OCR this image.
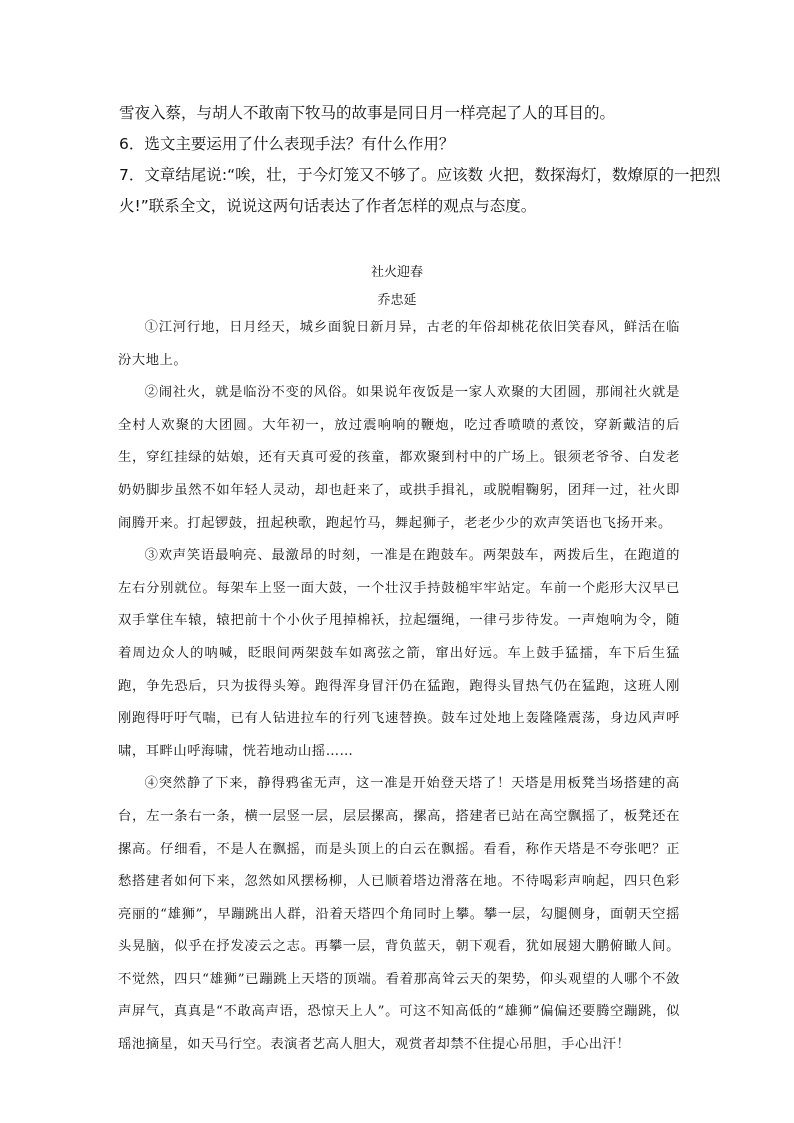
雪夜入蔡，与胡人不敢南下牧马的故事是同日月一样亮起了人的耳目的。
6．选文主要运用了什么表现手法？有什么作用？
7．文章结尾说:“唉，壮，于今灯笼又不够了。应该数 火把，数探海灯，数燎原的一把烈
火!”联系全文，说说这两句话表达了作者怎样的观点与态度。
社火迎春
乔忠延

①江河行地，日月经天，城乡面貌日新月异，古老的年俗却桃花依旧笑春风，鲜活在临汾大地上。

②闹社火，就是临汾不变的风俗。如果说年夜饭是一家人欢聚的大团圆，那闹社火就是全村人欢聚的大团圆。大年初一，放过震响响的鞭炮，吃过香喷喷的煮饺，穿新戴洁的后生，穿红挂绿的姑娘，还有天真可爱的孩童，都欢聚到村中的广场上。银须老爷爷、白发老奶奶脚步虽然不如年轻人灵动，却也赶来了，或拱手揖礼，或脱帽鞠躬，团拜一过，社火即闹腾开来。打起锣鼓，扭起秧歌，跑起竹马，舞起狮子，老老少少的欢声笑语也飞扬开来。

③欢声笑语最响亮、最激昂的时刻，一准是在跑鼓车。两架鼓车，两拨后生，在跑道的左右分别就位。每架车上竖一面大鼓，一个壮汉手持鼓槌牢牢站定。车前一个彪形大汉早已双手掌住车辕，辕把前十个小伙子甩掉棉袄，拉起缰绳，一律弓步待发。一声炮响为令，随着周边众人的呐喊，眨眼间两架鼓车如离弦之箭，窜出好远。车上鼓手猛擂，车下后生猛跑，争先恐后，只为拔得头筹。跑得浑身冒汗仍在猛跑，跑得头冒热气仍在猛跑，这班人刚刚跑得吁吁气喘，已有人钻进拉车的行列飞速替换。鼓车过处地上轰隆隆震荡，身边风声呼啸，耳畔山呼海啸，恍若地动山摇……

④突然静了下来，静得鸦雀无声，这一准是开始登天塔了！天塔是用板凳当场搭建的高台，左一条右一条，横一层竖一层，层层摞高，摞高，搭建者已站在高空飘摇了，板凳还在摞高。仔细看，不是人在飘摇，而是头顶上的白云在飘摇。看看，称作天塔是不夸张吧？正愁搭建者如何下来，忽然如风摆杨柳，人已顺着塔边滑落在地。不待喝彩声响起，四只色彩亮丽的“雄狮”，早蹦跳出人群，沿着天塔四个角同时上攀。攀一层，勾腿侧身，面朝天空摇头晃脑，似乎在抒发凌云之志。再攀一层，背负蓝天，朝下观看，犹如展翅大鹏俯瞰人间。不觉然，四只“雄狮”已蹦跳上天塔的顶端。看着那高耸云天的架势，仰头观望的人哪个不敛声屏气，真真是“不敢高声语，恐惊天上人”。可这不知高低的“雄狮”偏偏还要腾空蹦跳，似瑶池摘星，如天马行空。表演者艺高人胆大，观赏者却禁不住提心吊胆，手心出汗！
